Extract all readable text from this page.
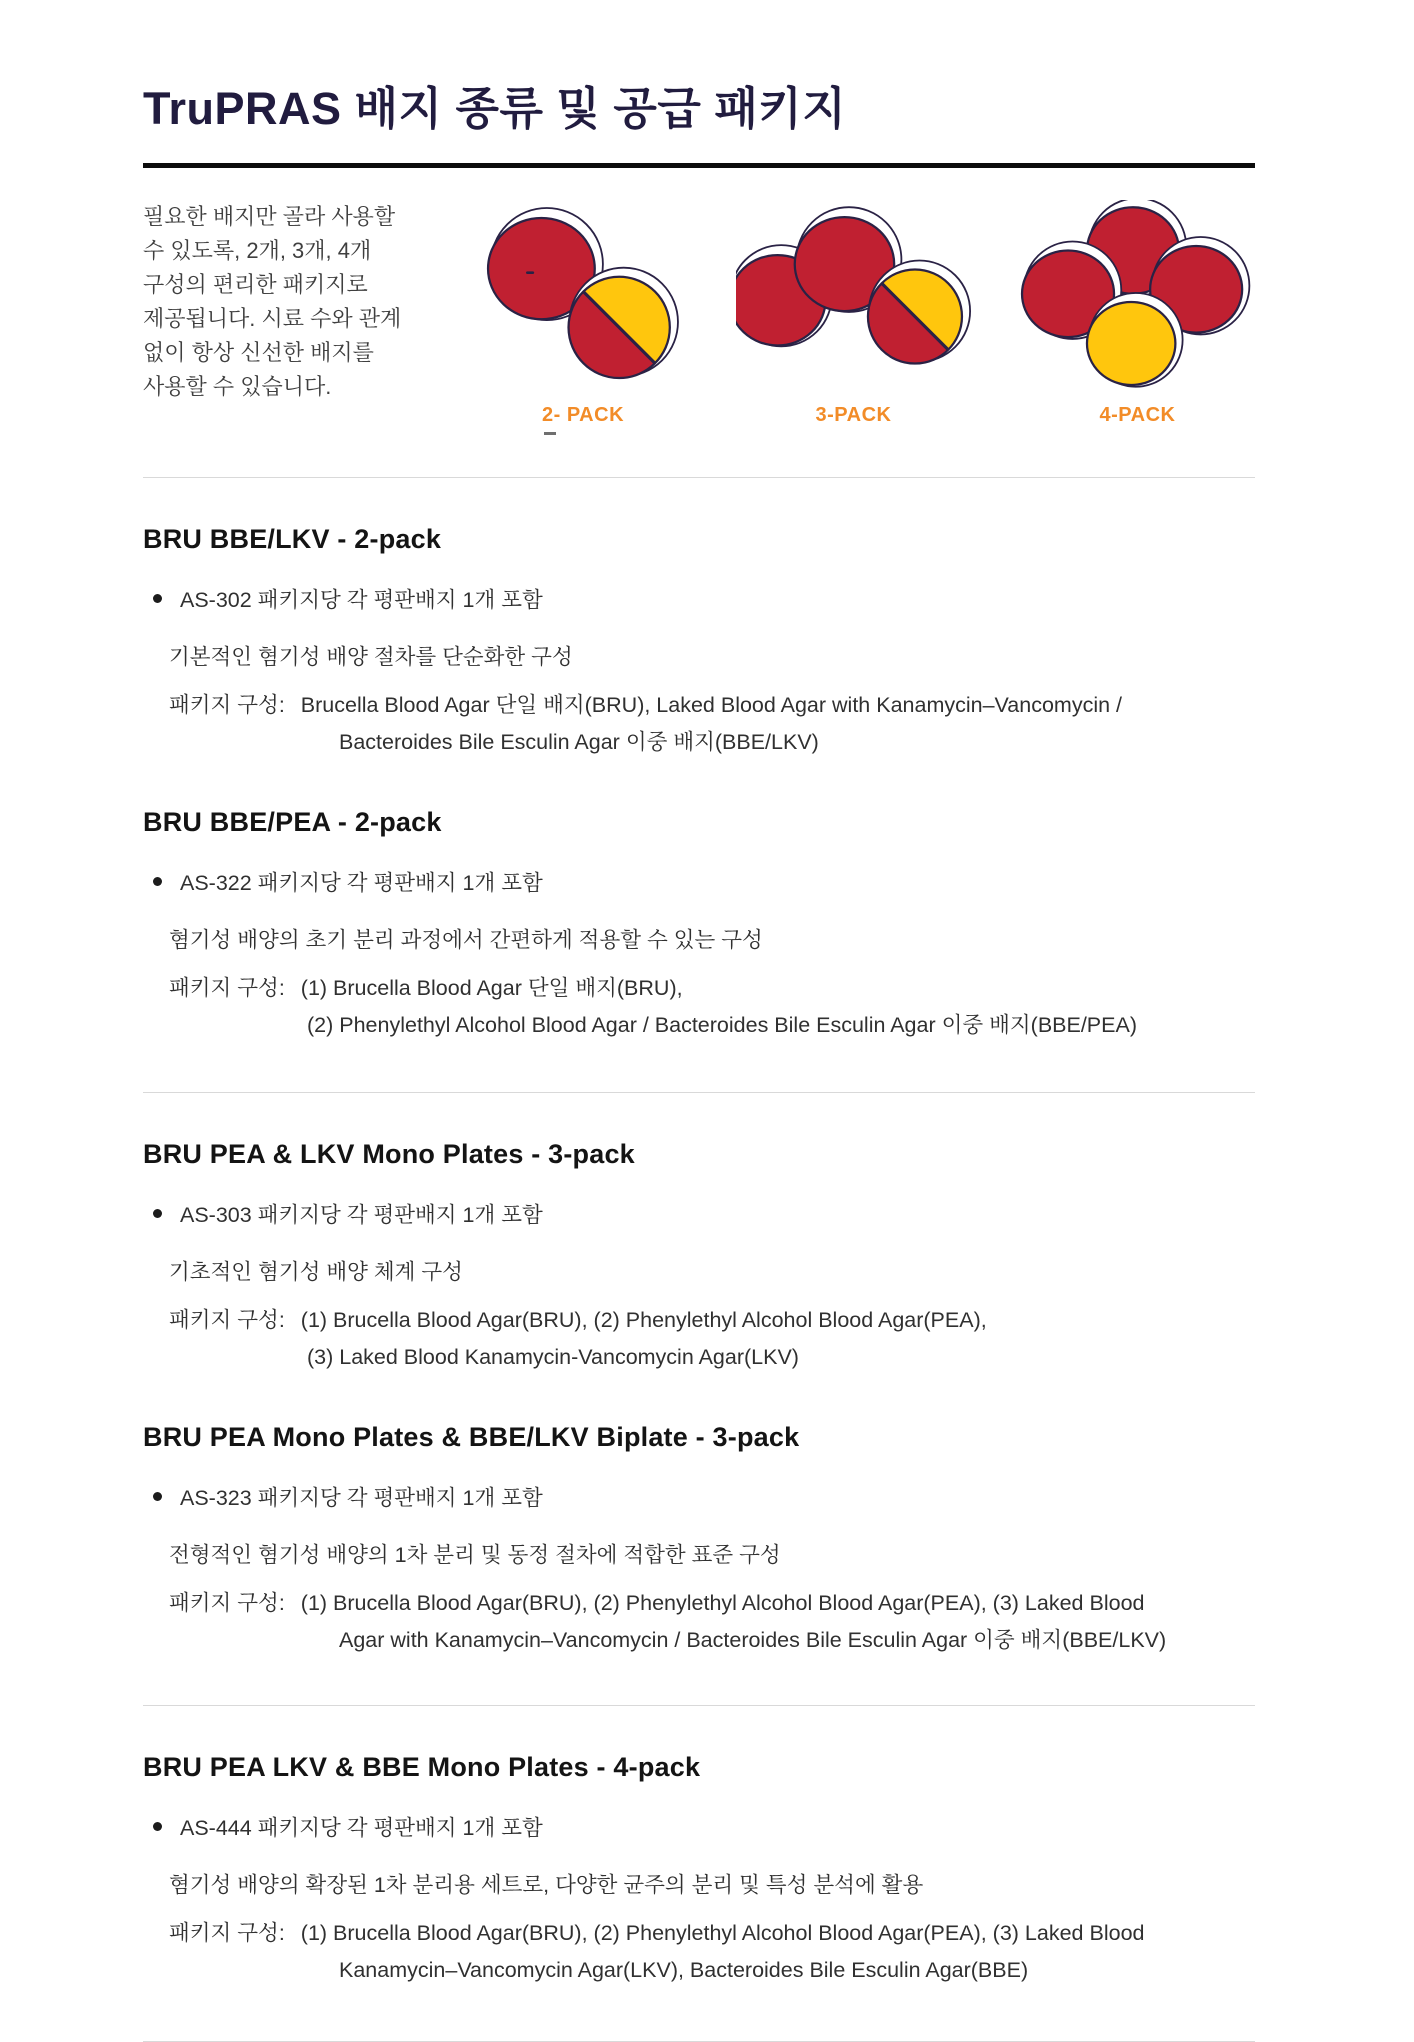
TruPRAS 배지 종류 및 공급 패키지

필요한 배지만 골라 사용할 수 있도록, 2개, 3개, 4개 구성의 편리한 패키지로 제공됩니다. 시료 수와 관계 없이 항상 신선한 배지를 사용할 수 있습니다.

2- PACK	3-PACK	4-PACK
BRU BBE/LKV - 2-pack
AS-302 패키지당 각 평판배지 1개 포함
기본적인 혐기성 배양 절차를 단순화한 구성
패키지 구성: Brucella Blood Agar 단일 배지(BRU), Laked Blood Agar with Kanamycin–Vancomycin /
Bacteroides Bile Esculin Agar 이중 배지(BBE/LKV)
BRU BBE/PEA - 2-pack
AS-322 패키지당 각 평판배지 1개 포함
혐기성 배양의 초기 분리 과정에서 간편하게 적용할 수 있는 구성
패키지 구성: (1) Brucella Blood Agar 단일 배지(BRU),
(2) Phenylethyl Alcohol Blood Agar / Bacteroides Bile Esculin Agar 이중 배지(BBE/PEA)
BRU PEA & LKV Mono Plates - 3-pack
AS-303 패키지당 각 평판배지 1개 포함
기초적인 혐기성 배양 체계 구성
패키지 구성: (1) Brucella Blood Agar(BRU), (2) Phenylethyl Alcohol Blood Agar(PEA),
(3) Laked Blood Kanamycin-Vancomycin Agar(LKV)
BRU PEA Mono Plates & BBE/LKV Biplate - 3-pack
AS-323 패키지당 각 평판배지 1개 포함
전형적인 혐기성 배양의 1차 분리 및 동정 절차에 적합한 표준 구성
패키지 구성: (1) Brucella Blood Agar(BRU), (2) Phenylethyl Alcohol Blood Agar(PEA), (3) Laked Blood
Agar with Kanamycin–Vancomycin / Bacteroides Bile Esculin Agar 이중 배지(BBE/LKV)
BRU PEA LKV & BBE Mono Plates - 4-pack
AS-444 패키지당 각 평판배지 1개 포함
혐기성 배양의 확장된 1차 분리용 세트로, 다양한 균주의 분리 및 특성 분석에 활용
패키지 구성: (1) Brucella Blood Agar(BRU), (2) Phenylethyl Alcohol Blood Agar(PEA), (3) Laked Blood
Kanamycin–Vancomycin Agar(LKV), Bacteroides Bile Esculin Agar(BBE)
